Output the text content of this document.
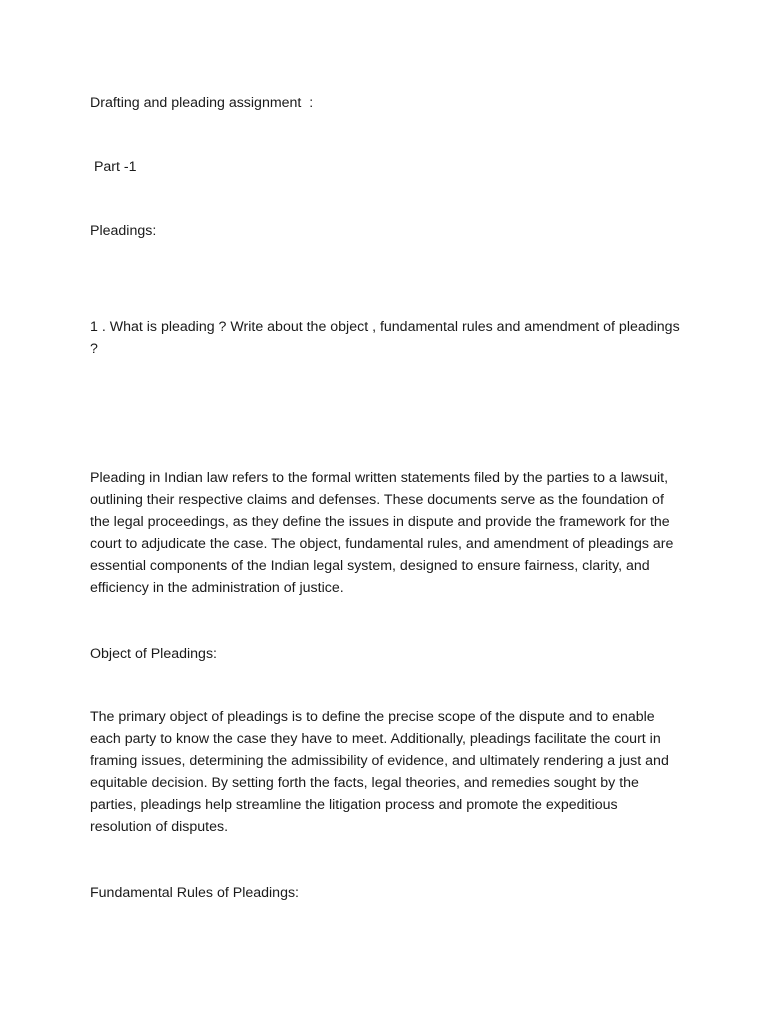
Drafting and pleading assignment  :

Part -1

Pleadings:

1 . What is pleading ? Write about the object , fundamental rules and amendment of pleadings ?

Pleading in Indian law refers to the formal written statements filed by the parties to a lawsuit, outlining their respective claims and defenses. These documents serve as the foundation of the legal proceedings, as they define the issues in dispute and provide the framework for the court to adjudicate the case. The object, fundamental rules, and amendment of pleadings are essential components of the Indian legal system, designed to ensure fairness, clarity, and efficiency in the administration of justice.

Object of Pleadings:

The primary object of pleadings is to define the precise scope of the dispute and to enable each party to know the case they have to meet. Additionally, pleadings facilitate the court in framing issues, determining the admissibility of evidence, and ultimately rendering a just and equitable decision. By setting forth the facts, legal theories, and remedies sought by the parties, pleadings help streamline the litigation process and promote the expeditious resolution of disputes.

Fundamental Rules of Pleadings:
